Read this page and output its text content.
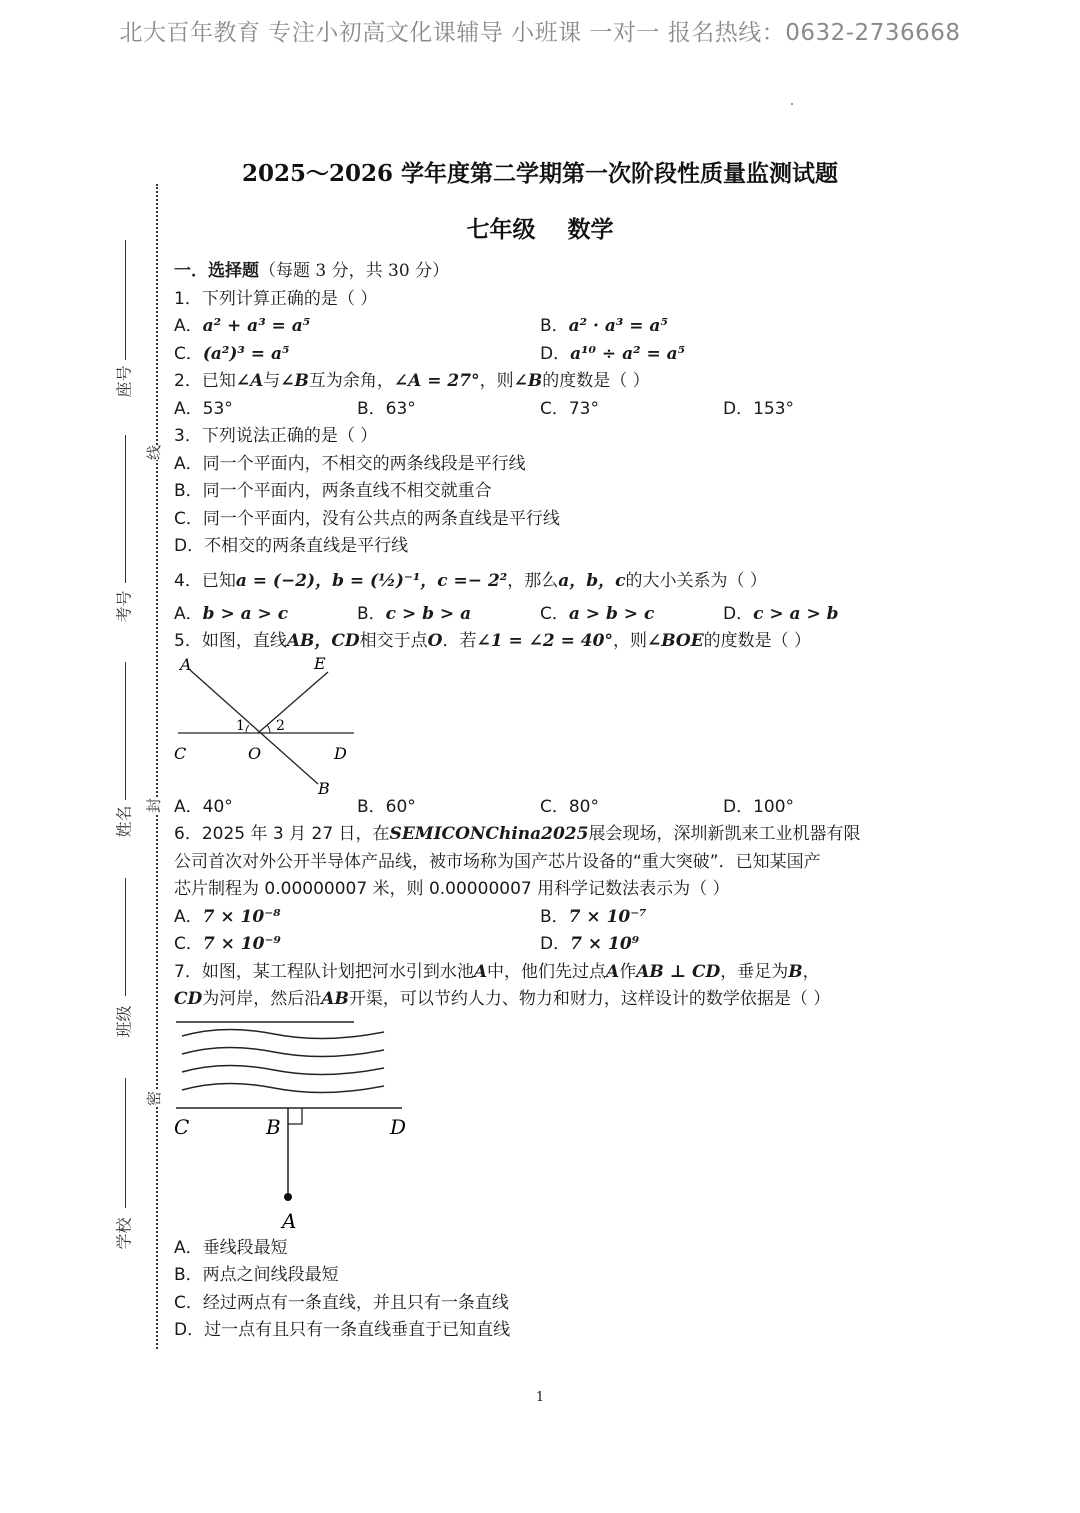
北大百年教育 专注小初高文化课辅导 小班课 一对一 报名热线：0632-2736668
2025～2026 学年度第二学期第一次阶段性质量监测试题
七年级    数学
座号
考号
姓名
班级
学校
线
封
密
一．选择题（每题 3 分，共 30 分）
1．下列计算正确的是（ ）
A．a² + a³ = a⁵	B．a² · a³ = a⁵
C．(a²)³ = a⁵	D．a¹⁰ ÷ a² = a⁵
2．已知∠A与∠B互为余角，∠A = 27°，则∠B的度数是（ ）
A．53°	B．63°	C．73°	D．153°
3．下列说法正确的是（ ）
A．同一个平面内，不相交的两条线段是平行线
B．同一个平面内，两条直线不相交就重合
C．同一个平面内，没有公共点的两条直线是平行线
D．不相交的两条直线是平行线
4．已知a = (−2)，b = (½)⁻¹，c =− 2²，那么a，b，c的大小关系为（ ）
A．b > a > c	B．c > b > a	C．a > b > c	D．c > a > b
5．如图，直线AB，CD相交于点O．若∠1 = ∠2 = 40°，则∠BOE的度数是（ ）
A	E
C	O	D
B
1 2
A．40°	B．60°	C．80°	D．100°
6．2025 年 3 月 27 日，在SEMICONChina2025展会现场，深圳新凯来工业机器有限
公司首次对外公开半导体产品线，被市场称为国产芯片设备的“重大突破”．已知某国产
芯片制程为 0.00000007 米，则 0.00000007 用科学记数法表示为（ ）
A．7 × 10⁻⁸	B．7 × 10⁻⁷
C．7 × 10⁻⁹	D．7 × 10⁹
7．如图，某工程队计划把河水引到水池A中，他们先过点A作AB ⊥ CD，垂足为B，
CD为河岸，然后沿AB开渠，可以节约人力、物力和财力，这样设计的数学依据是（ ）
C	B	D
A
A．垂线段最短
B．两点之间线段最短
C．经过两点有一条直线，并且只有一条直线
D．过一点有且只有一条直线垂直于已知直线
1
